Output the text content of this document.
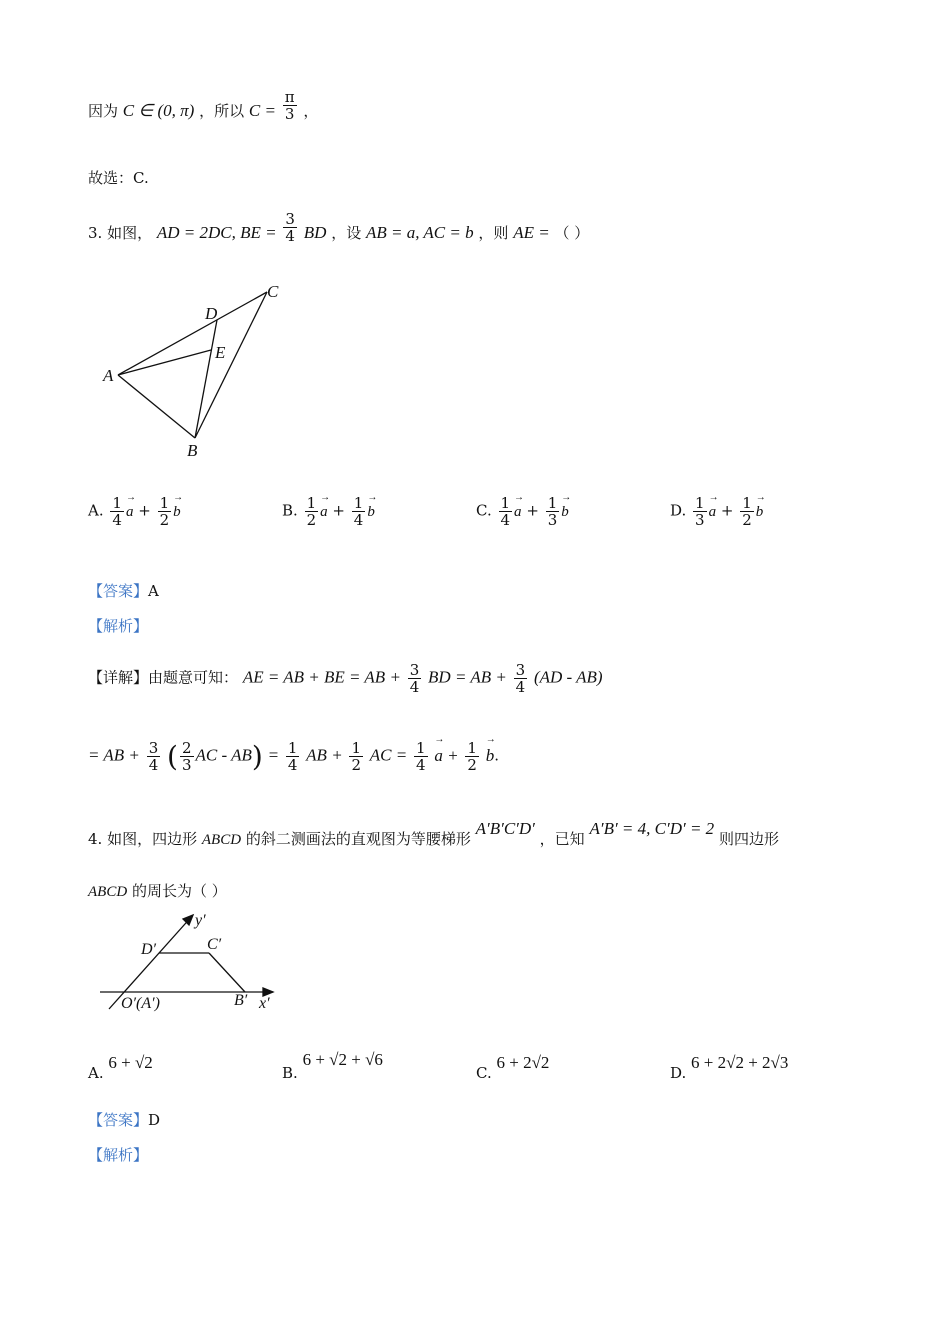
因为 C ∈ (0, π) ，所以 $C = \frac{\pi}{3}$ ，
故选：C.
3. 如图， AD = 2DC, BE = $\frac{3}{4}$ BD ，设 AB = a, AC = b ，则 AE = （ ）
A
B
C
D
E
A. $\frac{1}{4}$
→ $a + \frac{1}{2}$
→ b	B. $\frac{1}{2}$
→ $a + \frac{1}{4}$
→ b	C. $\frac{1}{4}$
→ $a + \frac{1}{3}$
→ b	D. $\frac{1}{3}$
→ $a + \frac{1}{2}$
→ b
【答案】A
【解析】
【详解】由题意可知： AE = AB + BE = AB + $\frac{3}{4}$ BD = AB + $\frac{3}{4} (AD - AB)$
= AB + $\frac{3}{4}$ ( $\frac{2}{3}$ AC - $AB) = \frac{1}{4}$ AB + $\frac{1}{2}$ AC = $\frac{1}{4}$
→ $a + \frac{1}{2}$
→ b.
4. 如图，四边形 ABCD 的斜二测画法的直观图为等腰梯形 A′B′C′D′ ，已知 A′B′ = 4, C′D′ = 2 则四边形
ABCD 的周长为（ ）
y′
D′	C′
O′(A′)	B′ x′
A. 6 + √2
B. 6 + √2 + √6
C. 6 + 2√2
D. 6 + 2√2 + 2√3
【答案】D
【解析】
